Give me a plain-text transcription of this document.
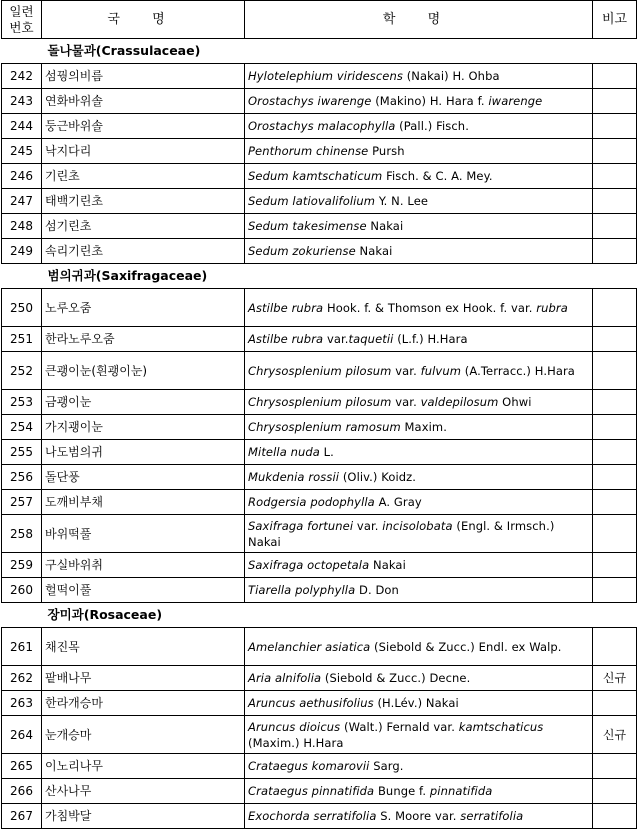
일련번호	국 명	학 명	비고
돌나물과(Crassulaceae)			
242	섬꿩의비름	Hylotelephium viridescens (Nakai) H. Ohba	
243	연화바위솔	Orostachys iwarenge (Makino) H. Hara f. iwarenge	
244	둥근바위솔	Orostachys malacophylla (Pall.) Fisch.	
245	낙지다리	Penthorum chinense Pursh	
246	기린초	Sedum kamtschaticum Fisch. & C. A. Mey.	
247	태백기린초	Sedum latiovalifolium Y. N. Lee	
248	섬기린초	Sedum takesimense Nakai	
249	속리기린초	Sedum zokuriense Nakai	
범의귀과(Saxifragaceae)			
250	노루오줌	Astilbe rubra Hook. f. & Thomson ex Hook. f. var. rubra	
251	한라노루오줌	Astilbe rubra var.taquetii (L.f.) H.Hara	
252	큰괭이눈(흰괭이눈)	Chrysosplenium pilosum var. fulvum (A.Terracc.) H.Hara	
253	금괭이눈	Chrysosplenium pilosum var. valdepilosum Ohwi	
254	가지괭이눈	Chrysosplenium ramosum Maxim.	
255	나도범의귀	Mitella nuda L.	
256	돌단풍	Mukdenia rossii (Oliv.) Koidz.	
257	도깨비부채	Rodgersia podophylla A. Gray	
258	바위떡풀	Saxifraga fortunei var. incisolobata (Engl. & Irmsch.) Nakai	
259	구실바위취	Saxifraga octopetala Nakai	
260	헐떡이풀	Tiarella polyphylla D. Don	
장미과(Rosaceae)			
261	채진목	Amelanchier asiatica (Siebold & Zucc.) Endl. ex Walp.	
262	팥배나무	Aria alnifolia (Siebold & Zucc.) Decne.	신규
263	한라개승마	Aruncus aethusifolius (H.Lév.) Nakai	
264	눈개승마	Aruncus dioicus (Walt.) Fernald var. kamtschaticus (Maxim.) H.Hara	신규
265	이노리나무	Crataegus komarovii Sarg.	
266	산사나무	Crataegus pinnatifida Bunge f. pinnatifida	
267	가침박달	Exochorda serratifolia S. Moore var. serratifolia	
